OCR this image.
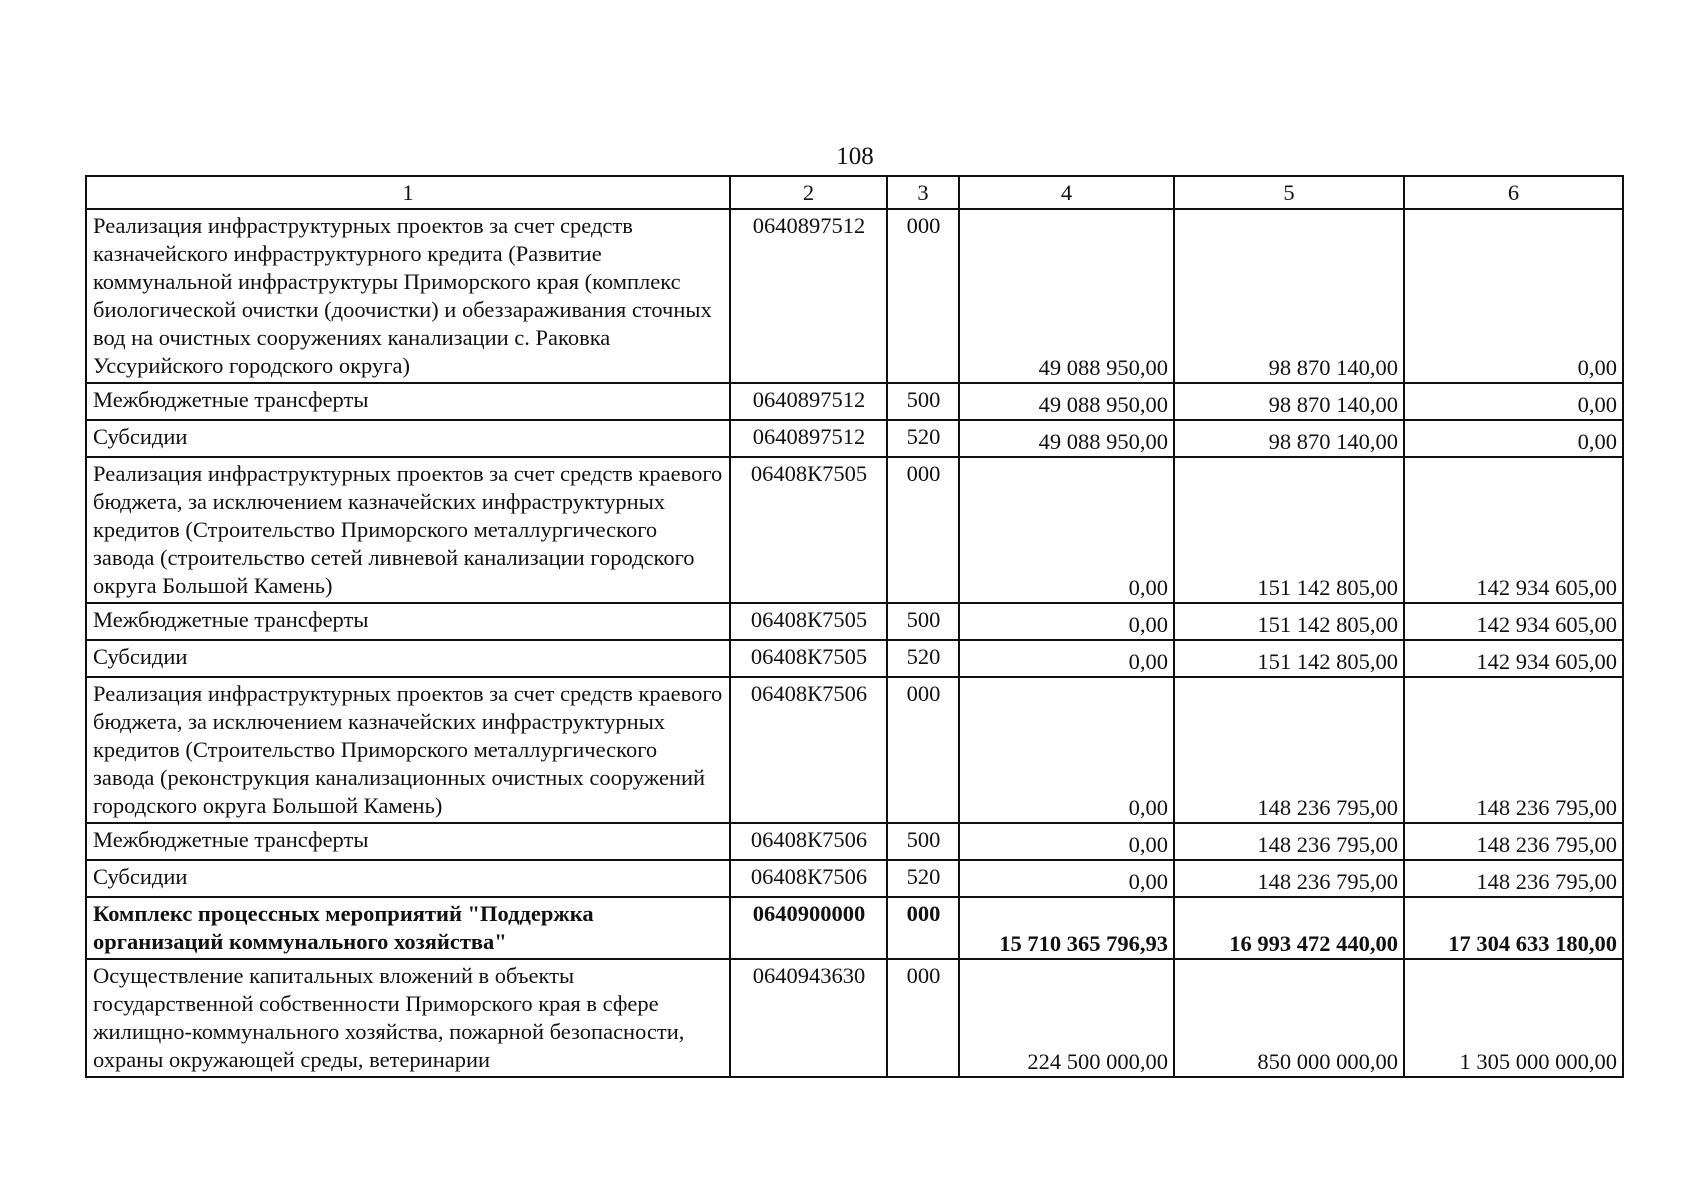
108
1	2	3	4	5	6
Реализация инфраструктурных проектов за счет средств казначейского инфраструктурного кредита (Развитие коммунальной инфраструктуры Приморского края (комплекс биологической очистки (доочистки) и обеззараживания сточных вод на очистных сооружениях канализации с. Раковка Уссурийского городского округа)	0640897512	000	49 088 950,00	98 870 140,00	0,00
Межбюджетные трансферты	0640897512	500	49 088 950,00	98 870 140,00	0,00
Субсидии	0640897512	520	49 088 950,00	98 870 140,00	0,00
Реализация инфраструктурных проектов за счет средств краевого бюджета, за исключением казначейских инфраструктурных кредитов (Строительство Приморского металлургического завода (строительство сетей ливневой канализации городского округа Большой Камень)	06408К7505	000	0,00	151 142 805,00	142 934 605,00
Межбюджетные трансферты	06408К7505	500	0,00	151 142 805,00	142 934 605,00
Субсидии	06408К7505	520	0,00	151 142 805,00	142 934 605,00
Реализация инфраструктурных проектов за счет средств краевого бюджета, за исключением казначейских инфраструктурных кредитов (Строительство Приморского металлургического завода (реконструкция канализационных очистных сооружений городского округа Большой Камень)	06408К7506	000	0,00	148 236 795,00	148 236 795,00
Межбюджетные трансферты	06408К7506	500	0,00	148 236 795,00	148 236 795,00
Субсидии	06408К7506	520	0,00	148 236 795,00	148 236 795,00
Комплекс процессных мероприятий "Поддержка организаций коммунального хозяйства"	0640900000	000	15 710 365 796,93	16 993 472 440,00	17 304 633 180,00
Осуществление капитальных вложений в объекты государственной собственности Приморского края в сфере жилищно-коммунального хозяйства, пожарной безопасности, охраны окружающей среды, ветеринарии	0640943630	000	224 500 000,00	850 000 000,00	1 305 000 000,00
